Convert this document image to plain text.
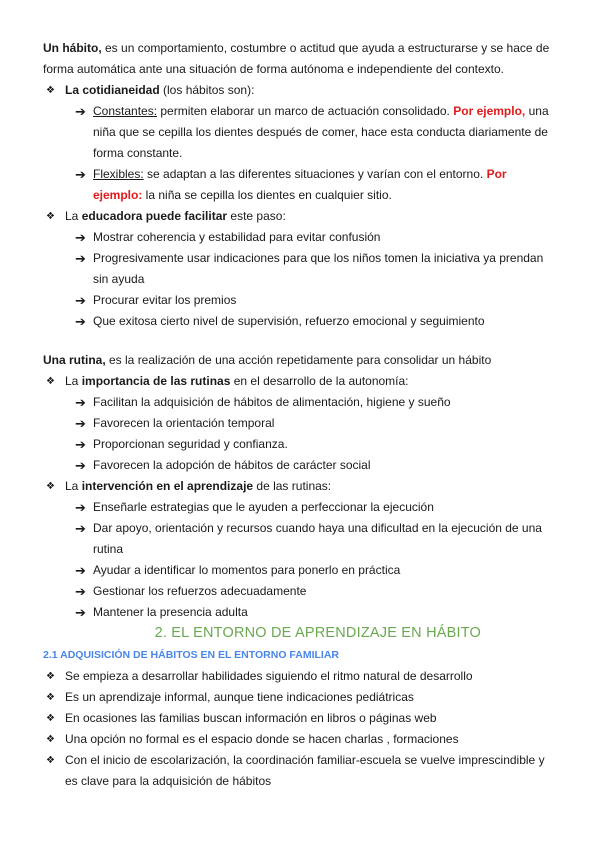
Un hábito, es un comportamiento, costumbre o actitud que ayuda a estructurarse y se hace de forma automática ante una situación de forma autónoma e independiente del contexto.

❖ La cotidianeidad (los hábitos son):
➔ Constantes: permiten elaborar un marco de actuación consolidado. Por ejemplo, una niña que se cepilla los dientes después de comer, hace esta conducta diariamente de forma constante.
➔ Flexibles: se adaptan a las diferentes situaciones y varían con el entorno. Por ejemplo: la niña se cepilla los dientes en cualquier sitio.
❖ La educadora puede facilitar este paso:
➔ Mostrar coherencia y estabilidad para evitar confusión
➔ Progresivamente usar indicaciones para que los niños tomen la iniciativa ya prendan sin ayuda
➔ Procurar evitar los premios
➔ Que exitosa cierto nivel de supervisión, refuerzo emocional y seguimiento

Una rutina, es la realización de una acción repetidamente para consolidar un hábito

❖ La importancia de las rutinas en el desarrollo de la autonomía:
➔ Facilitan la adquisición de hábitos de alimentación, higiene y sueño
➔ Favorecen la orientación temporal
➔ Proporcionan seguridad y confianza.
➔ Favorecen la adopción de hábitos de carácter social
❖ La intervención en el aprendizaje de las rutinas:
➔ Enseñarle estrategias que le ayuden a perfeccionar la ejecución
➔ Dar apoyo, orientación y recursos cuando haya una dificultad en la ejecución de una rutina
➔ Ayudar a identificar lo momentos para ponerlo en práctica
➔ Gestionar los refuerzos adecuadamente
➔ Mantener la presencia adulta
2. EL ENTORNO DE APRENDIZAJE EN HÁBITO
2.1 ADQUISICIÓN DE HÁBITOS EN EL ENTORNO FAMILIAR
❖ Se empieza a desarrollar habilidades siguiendo el ritmo natural de desarrollo
❖ Es un aprendizaje informal, aunque tiene indicaciones pediátricas
❖ En ocasiones las familias buscan información en libros o páginas web
❖ Una opción no formal es el espacio donde se hacen charlas , formaciones
❖ Con el inicio de escolarización, la coordinación familiar-escuela se vuelve imprescindible y es clave para la adquisición de hábitos
